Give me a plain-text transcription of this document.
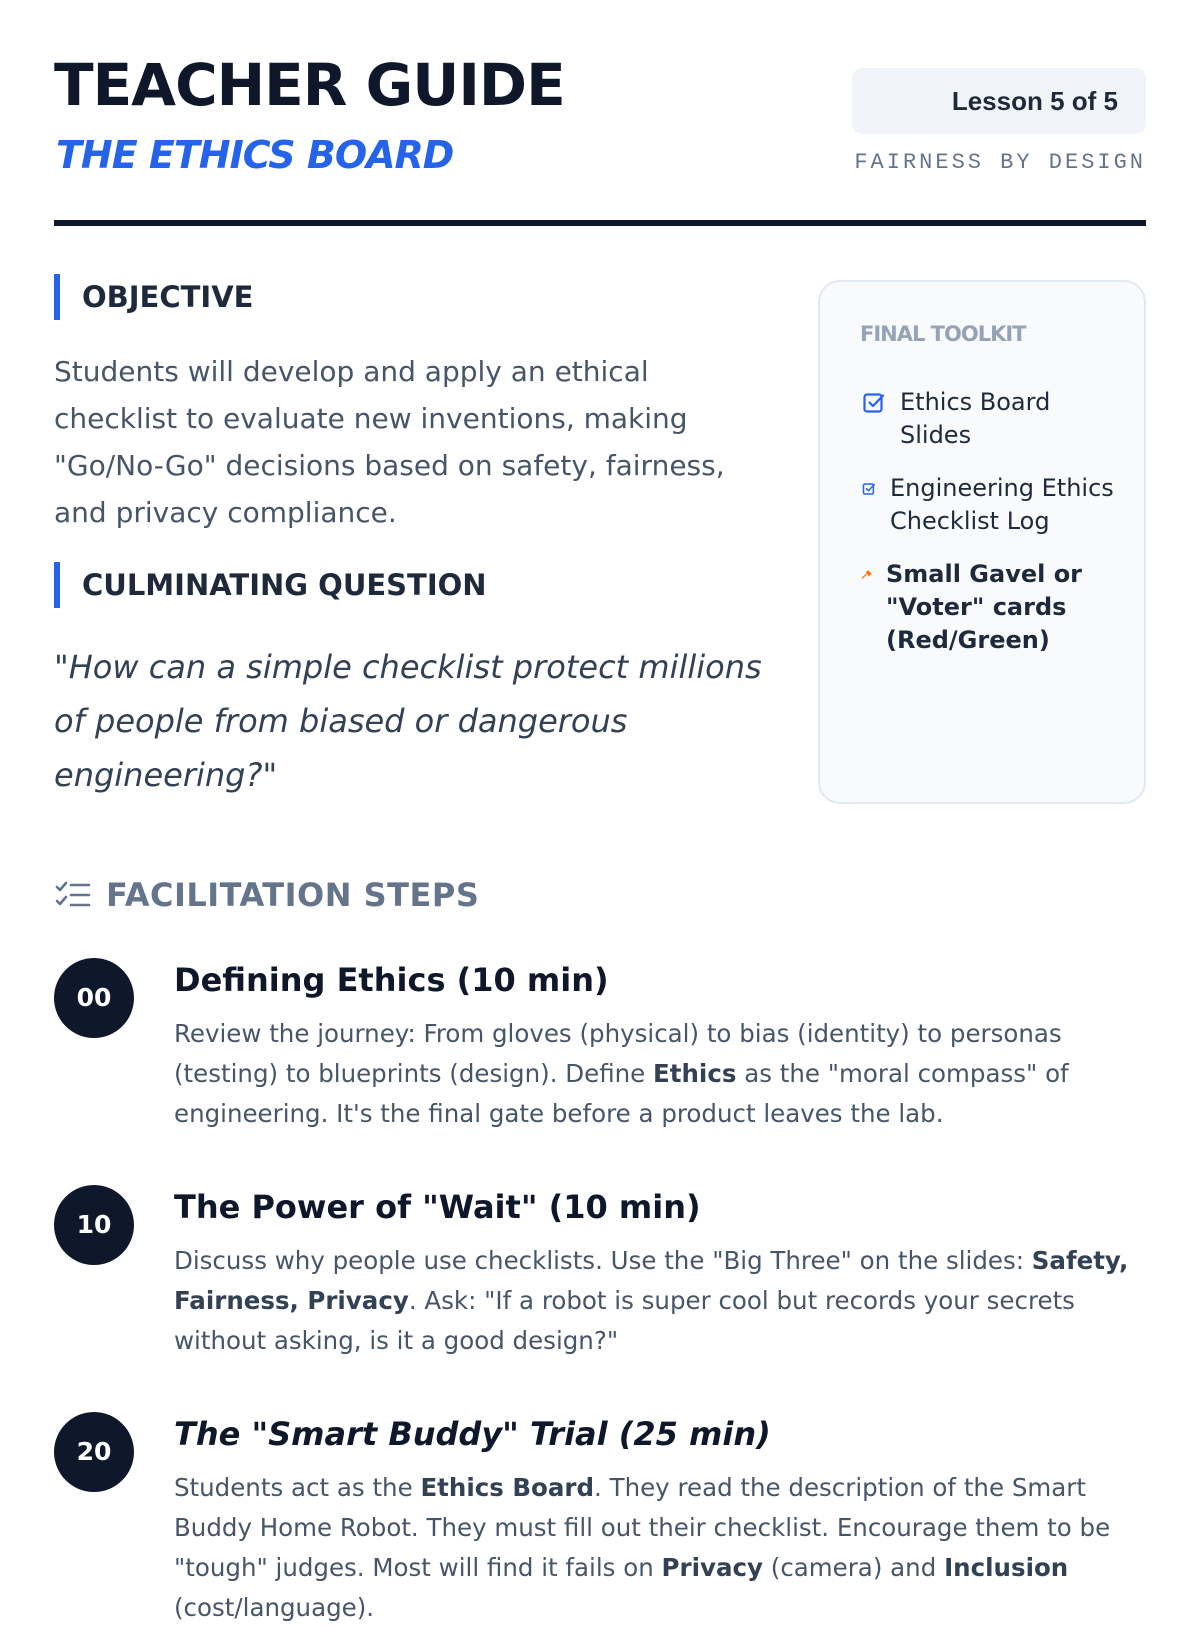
TEACHER GUIDE
THE ETHICS BOARD
Lesson 5 of 5
FAIRNESS BY DESIGN
OBJECTIVE
Students will develop and apply an ethical checklist to evaluate new inventions, making "Go/No-Go" decisions based on safety, fairness, and privacy compliance.
CULMINATING QUESTION
"How can a simple checklist protect millions of people from biased or dangerous engineering?"
FINAL TOOLKIT
Ethics Board Slides
Engineering Ethics Checklist Log
Small Gavel or "Voter" cards (Red/Green)
FACILITATION STEPS
00	Defining Ethics (10 min)
Review the journey: From gloves (physical) to bias (identity) to personas (testing) to blueprints (design). Define Ethics as the "moral compass" of engineering. It's the final gate before a product leaves the lab.
10	The Power of "Wait" (10 min)
Discuss why people use checklists. Use the "Big Three" on the slides: Safety, Fairness, Privacy. Ask: "If a robot is super cool but records your secrets without asking, is it a good design?"
20	The "Smart Buddy" Trial (25 min)
Students act as the Ethics Board. They read the description of the Smart Buddy Home Robot. They must fill out their checklist. Encourage them to be "tough" judges. Most will find it fails on Privacy (camera) and Inclusion (cost/language).
